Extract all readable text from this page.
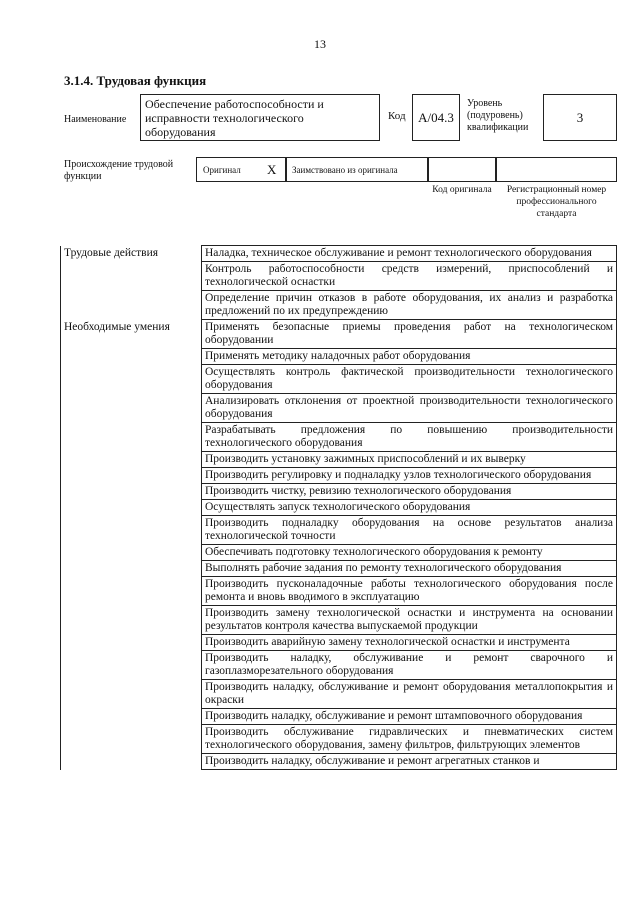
13
3.1.4. Трудовая функция
Наименование
Обеспечение работоспособности и исправности технологического оборудования
Код А/04.3
Уровень (подуровень) квалификации
3
Происхождение трудовой функции
Оригинал X Заимствовано из оригинала
Код оригинала	Регистрационный номер профессионального стандарта
Трудовые действия	Наладка, техническое обслуживание и ремонт технологического оборудования
	Контроль работоспособности средств измерений, приспособлений и технологической оснастки
	Определение причин отказов в работе оборудования, их анализ и разработка предложений по их предупреждению
Необходимые умения	Применять безопасные приемы проведения работ на технологическом оборудовании
	Применять методику наладочных работ оборудования
	Осуществлять контроль фактической производительности технологического оборудования
	Анализировать отклонения от проектной производительности технологического оборудования
	Разрабатывать предложения по повышению производительности технологического оборудования
	Производить установку зажимных приспособлений и их выверку
	Производить регулировку и подналадку узлов технологического оборудования
	Производить чистку, ревизию технологического оборудования
	Осуществлять запуск технологического оборудования
	Производить подналадку оборудования на основе результатов анализа технологической точности
	Обеспечивать подготовку технологического оборудования к ремонту
	Выполнять рабочие задания по ремонту технологического оборудования
	Производить пусконаладочные работы технологического оборудования после ремонта и вновь вводимого в эксплуатацию
	Производить замену технологической оснастки и инструмента на основании результатов контроля качества выпускаемой продукции
	Производить аварийную замену технологической оснастки и инструмента
	Производить наладку, обслуживание и ремонт сварочного и газоплазморезательного оборудования
	Производить наладку, обслуживание и ремонт оборудования металлопокрытия и окраски
	Производить наладку, обслуживание и ремонт штамповочного оборудования
	Производить обслуживание гидравлических и пневматических систем технологического оборудования, замену фильтров, фильтрующих элементов
	Производить наладку, обслуживание и ремонт агрегатных станков и
